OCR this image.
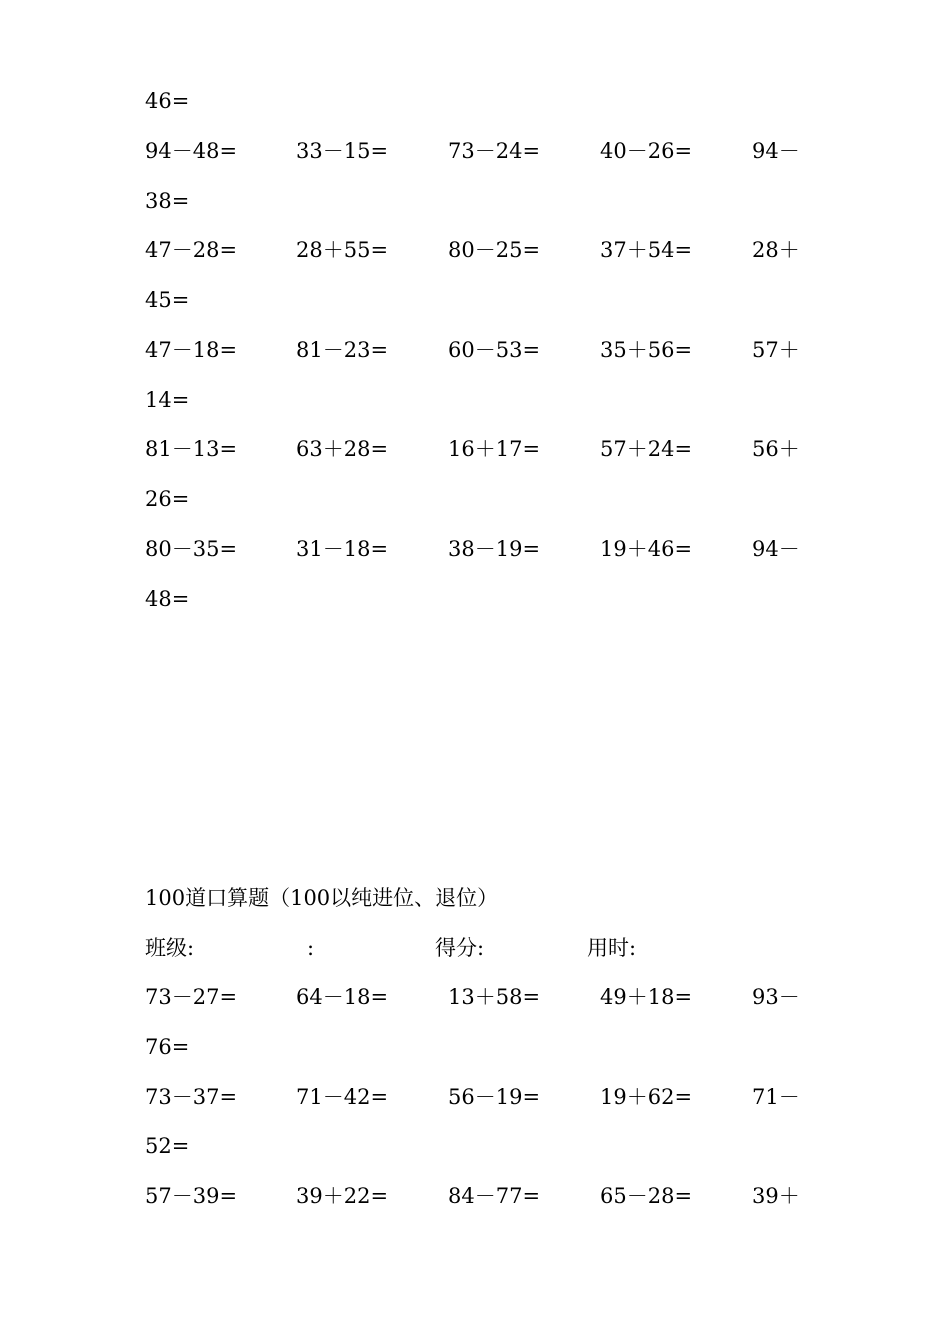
46=
94－48=	33－15=	73－24=	40－26=	94－
38=
47－28=	28＋55=	80－25=	37＋54=	28＋
45=
47－18=	81－23=	60－53=	35＋56=	57＋
14=
81－13=	63＋28=	16＋17=	57＋24=	56＋
26=
80－35=	31－18=	38－19=	19＋46=	94－
48=
100道口算题（100以纯进位、退位）
班级:	:	得分:	用时:
73－27=	64－18=	13＋58=	49＋18=	93－
76=
73－37=	71－42=	56－19=	19＋62=	71－
52=
57－39=	39＋22=	84－77=	65－28=	39＋
